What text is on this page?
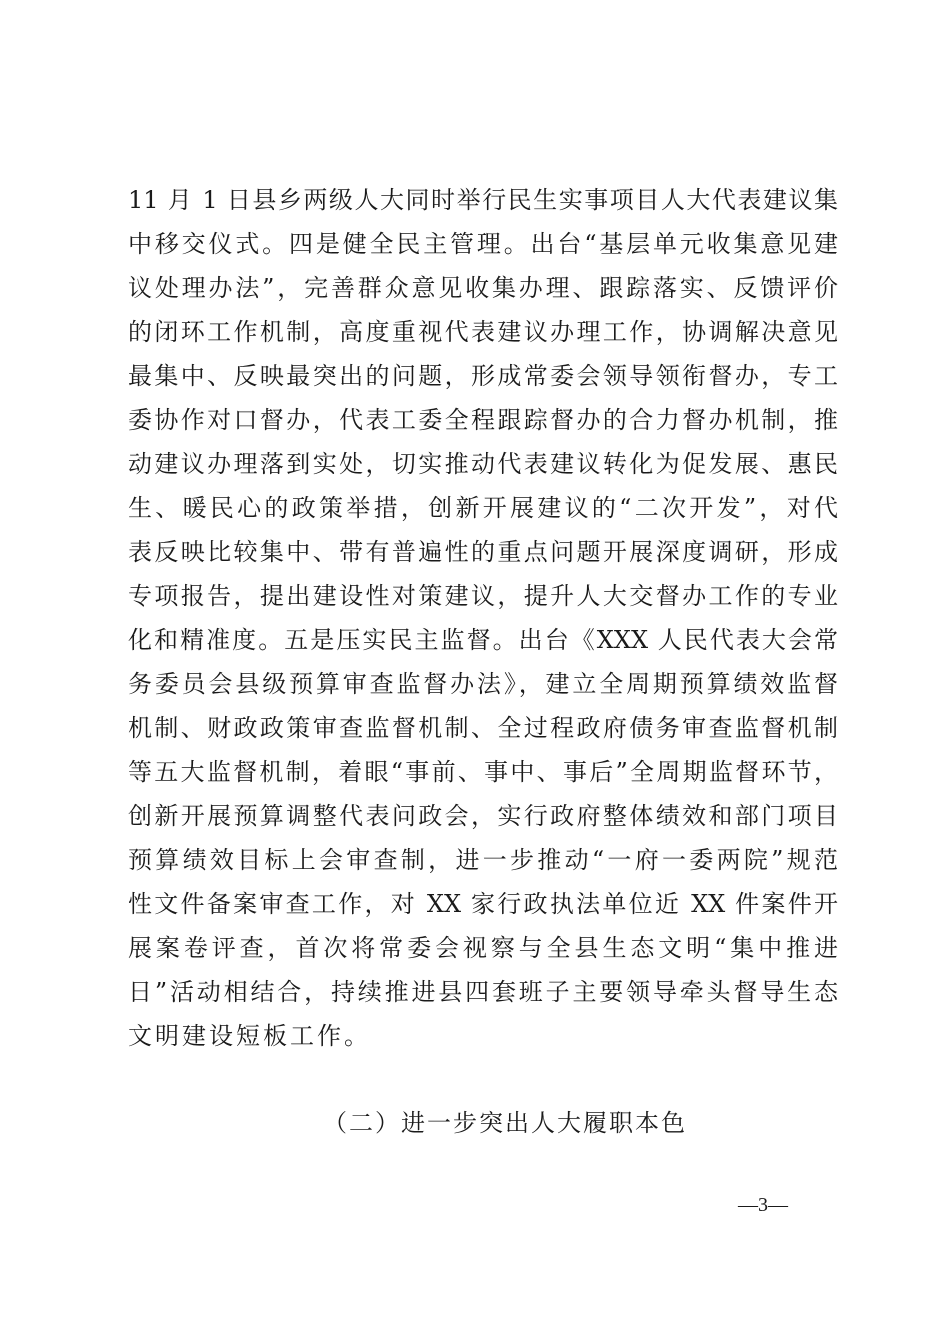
11 月 1 日县乡两级人大同时举行民生实事项目人大代表建议集
中移交仪式。四是健全民主管理。出台“基层单元收集意见建
议处理办法”，完善群众意见收集办理、跟踪落实、反馈评价
的闭环工作机制，高度重视代表建议办理工作，协调解决意见
最集中、反映最突出的问题，形成常委会领导领衔督办，专工
委协作对口督办，代表工委全程跟踪督办的合力督办机制，推
动建议办理落到实处，切实推动代表建议转化为促发展、惠民
生、暖民心的政策举措，创新开展建议的“二次开发”，对代
表反映比较集中、带有普遍性的重点问题开展深度调研，形成
专项报告，提出建设性对策建议，提升人大交督办工作的专业
化和精准度。五是压实民主监督。出台《XXX 人民代表大会常
务委员会县级预算审查监督办法》，建立全周期预算绩效监督
机制、财政政策审查监督机制、全过程政府债务审查监督机制
等五大监督机制，着眼“事前、事中、事后”全周期监督环节，
创新开展预算调整代表问政会，实行政府整体绩效和部门项目
预算绩效目标上会审查制，进一步推动“一府一委两院”规范
性文件备案审查工作，对 XX 家行政执法单位近 XX 件案件开
展案卷评查，首次将常委会视察与全县生态文明“集中推进
日”活动相结合，持续推进县四套班子主要领导牵头督导生态
文明建设短板工作。
（二）进一步突出人大履职本色
—3—
